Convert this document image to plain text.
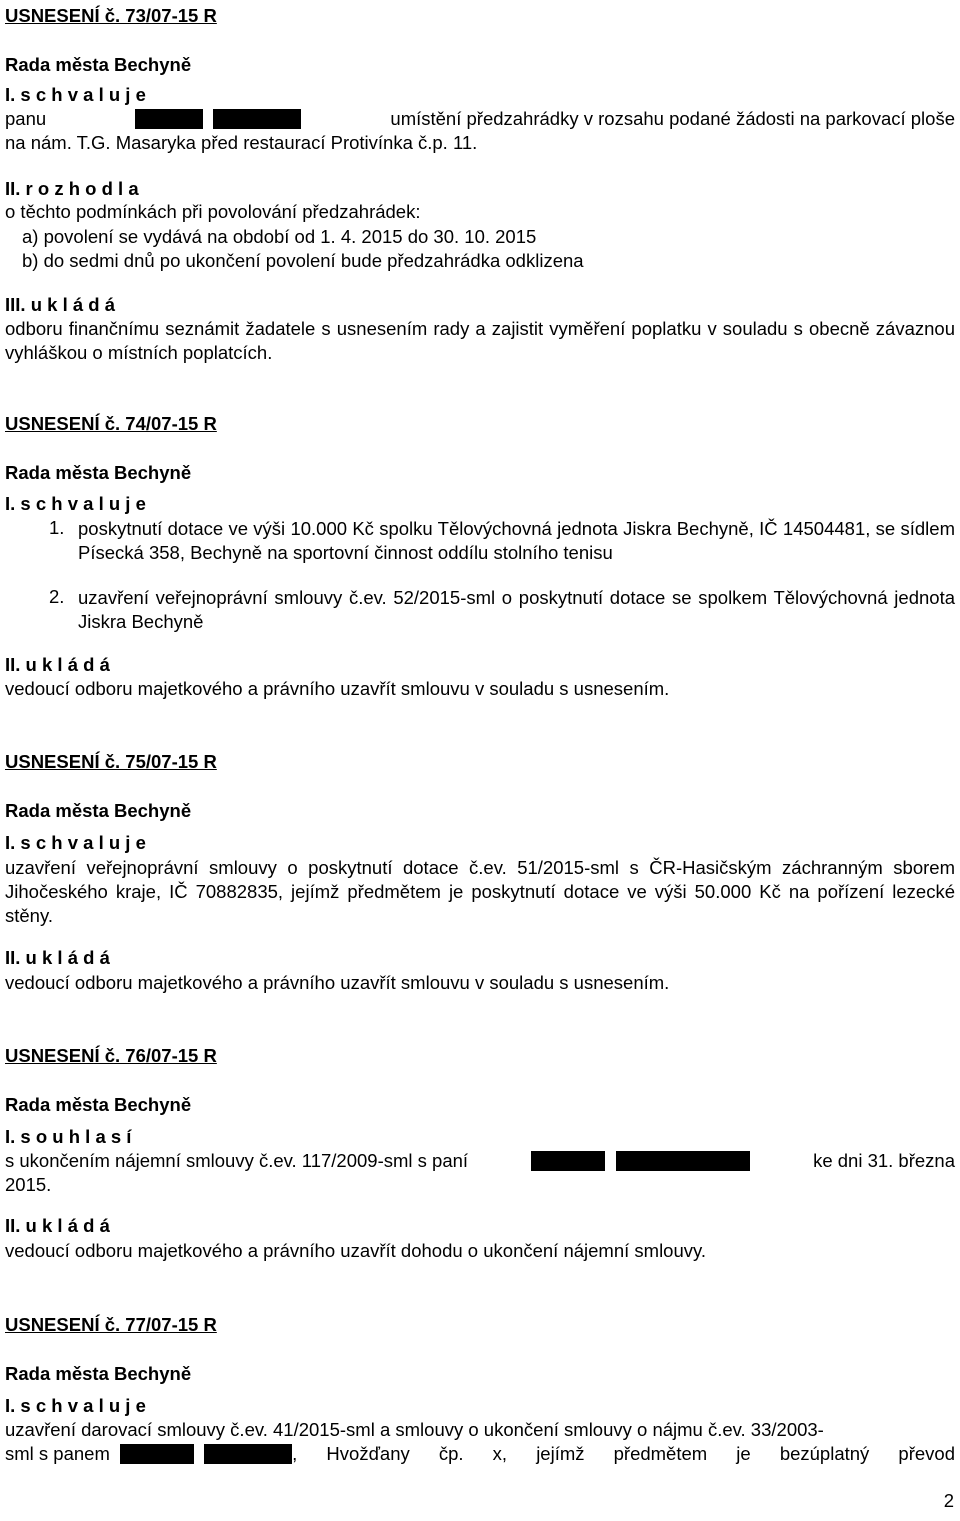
USNESENÍ č. 73/07-15 R
Rada města Bechyně
I. s c h v a l u j e
panu
	umístění předzahrádky v rozsahu podané žádosti na parkovací ploše
na nám. T.G. Masaryka před restaurací Protivínka č.p. 11.
II. r o z h o d l a
o těchto podmínkách při povolování předzahrádek:
a) povolení se vydává na období od 1. 4. 2015 do 30. 10. 2015
b) do sedmi dnů po ukončení povolení bude předzahrádka odklizena
III. u k l á d á
odboru finančnímu seznámit žadatele s usnesením rady a zajistit vyměření poplatku v souladu s obecně závaznou vyhláškou o místních poplatcích.
USNESENÍ č. 74/07-15 R
Rada města Bechyně
I. s c h v a l u j e
1. poskytnutí dotace ve výši 10.000 Kč spolku Tělovýchovná jednota Jiskra Bechyně, IČ 14504481, se sídlem Písecká 358, Bechyně na sportovní činnost oddílu stolního tenisu
2. uzavření veřejnoprávní smlouvy č.ev. 52/2015-sml o poskytnutí dotace se spolkem Tělovýchovná jednota Jiskra Bechyně
II. u k l á d á
vedoucí odboru majetkového a právního uzavřít smlouvu v souladu s usnesením.
USNESENÍ č. 75/07-15 R
Rada města Bechyně
I. s c h v a l u j e
uzavření veřejnoprávní smlouvy o poskytnutí dotace č.ev. 51/2015-sml s ČR-Hasičským záchranným sborem Jihočeského kraje, IČ 70882835, jejímž předmětem je poskytnutí dotace ve výši 50.000 Kč na pořízení lezecké stěny.
II. u k l á d á
vedoucí odboru majetkového a právního uzavřít smlouvu v souladu s usnesením.
USNESENÍ č. 76/07-15 R
Rada města Bechyně
I. s o u h l a s í
s ukončením nájemní smlouvy č.ev. 117/2009-sml s paní
	ke dni 31. března
2015.
II. u k l á d á
vedoucí odboru majetkového a právního uzavřít dohodu o ukončení nájemní smlouvy.
USNESENÍ č. 77/07-15 R
Rada města Bechyně
I. s c h v a l u j e
uzavření darovací smlouvy č.ev. 41/2015-sml a smlouvy o ukončení smlouvy o nájmu č.ev. 33/2003-
sml s panem
	, Hvožďany čp. x, jejímž předmětem je bezúplatný převod
2
